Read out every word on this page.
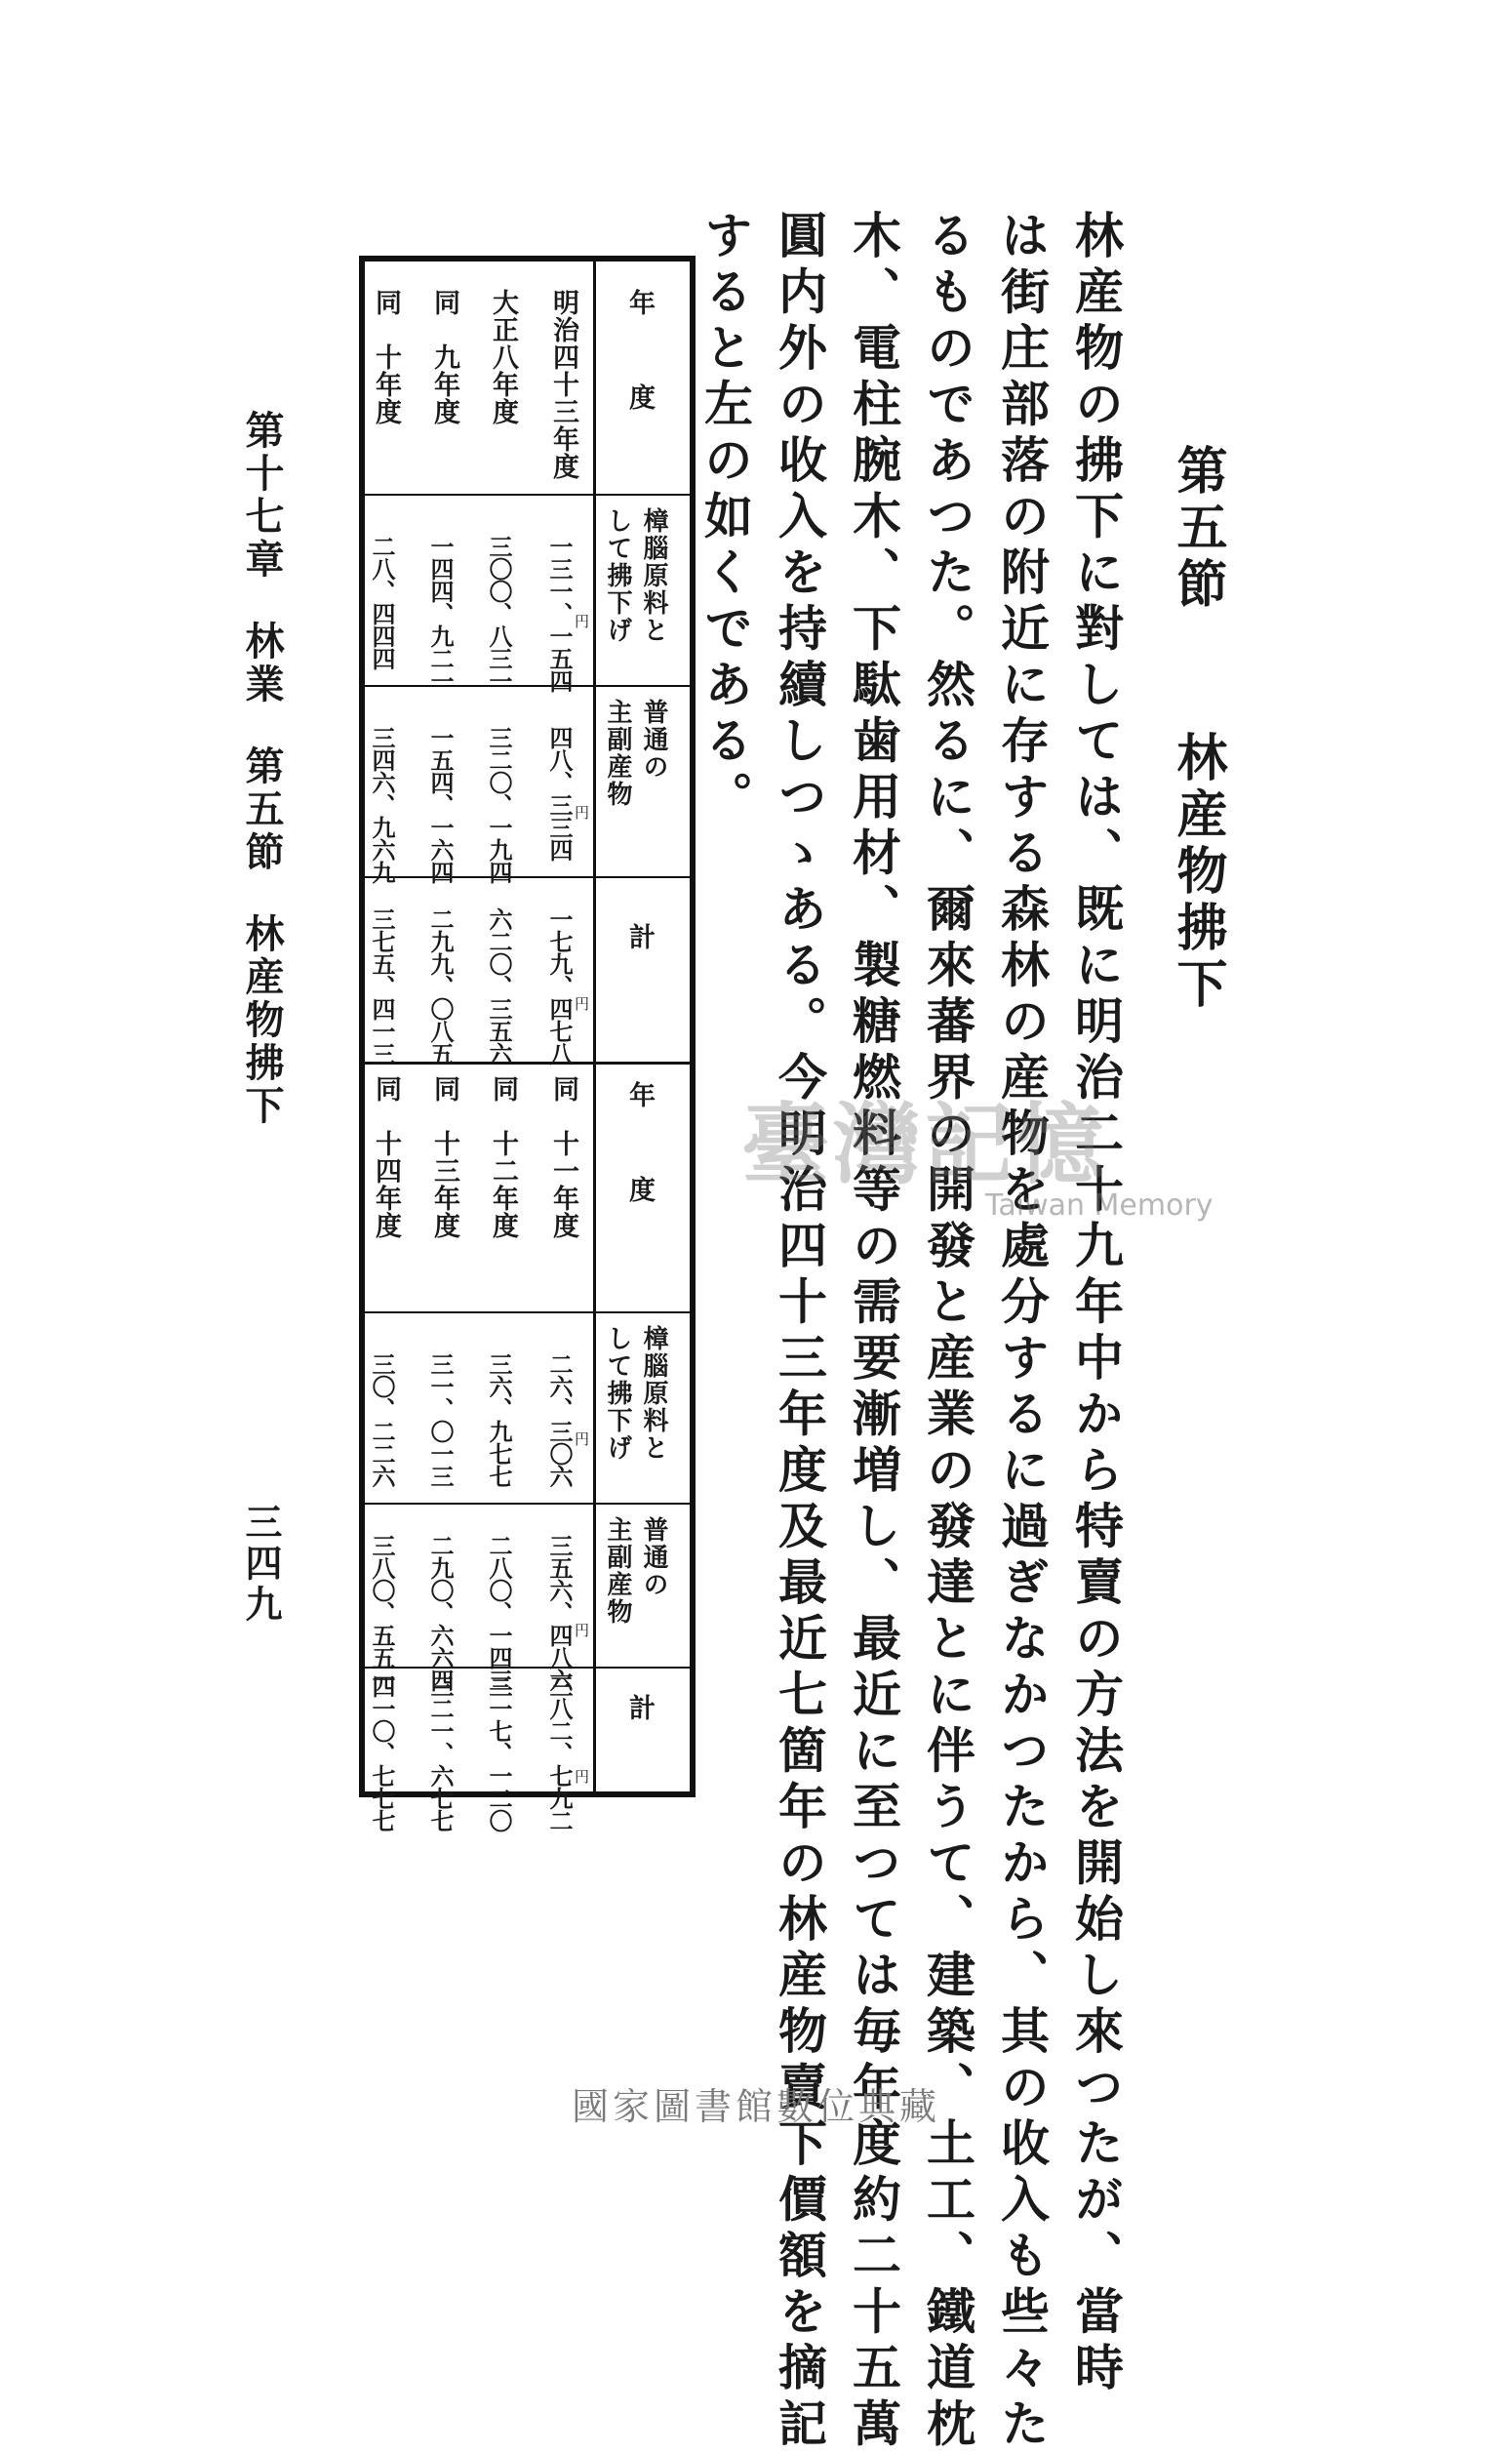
第五節林産物拂下
林産物の拂下に對しては、既に明治二十九年中から特賣の方法を開始し來つたが、當時
は街庄部落の附近に存する森林の産物を處分するに過ぎなかつたから、其の收入も些々た
るものであつた。然るに、爾來蕃界の開發と産業の發達とに伴うて、建築、土工、鐵道枕
木、電柱腕木、下駄歯用材、製糖燃料等の需要漸増し、最近に至つては毎年度約二十五萬
圓内外の收入を持續しつゝある。今明治四十三年度及最近七箇年の林産物賣下價額を摘記
すると左の如くである。
年度
明治四十三年度
大正八年度
同　九年度
同　十年度
樟腦原料と
して拂下げ
円
一三一、一五四
三〇〇、八三一
一四四、九二一
二八、四四四
普通の
主副産物
円
四八、三三四
三二〇、一九四
一五四、一六四
三四六、九六九
計
円
一七九、四七八
六二〇、三五六
二九九、〇八五
三七五、四一三
年度
同　十一年度
同　十二年度
同　十三年度
同　十四年度
樟腦原料と
して拂下げ
円
二六、三〇六
三六、九七七
三一、〇一三
三〇、二二六
普通の
主副産物
円
三五六、四八六
二八〇、一四三
二九〇、六六四
三八〇、五五一
計
円
三八二、七九二
三一七、一二〇
三二一、六七七
四一〇、七七七
第十七章林業第五節林産物拂下
三四九
臺灣記憶
Taiwan Memory
國家圖書館數位典藏
